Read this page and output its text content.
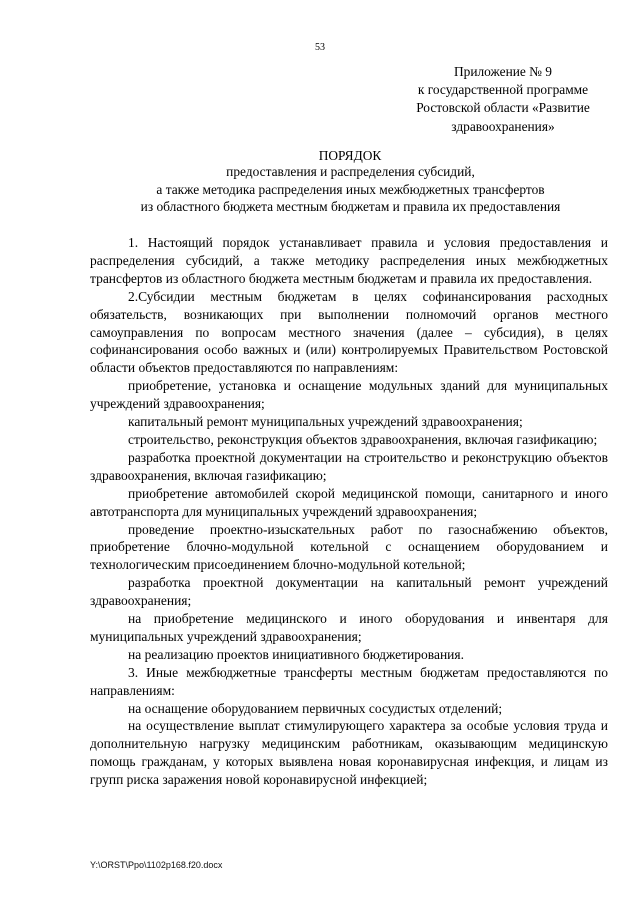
53
Приложение № 9
к государственной программе
Ростовской области «Развитие
здравоохранения»
ПОРЯДОК
предоставления и распределения субсидий,
а также методика распределения иных межбюджетных трансфертов
из областного бюджета местным бюджетам и правила их предоставления

1. Настоящий порядок устанавливает правила и условия предоставления и распределения субсидий, а также методику распределения иных межбюджетных трансфертов из областного бюджета местным бюджетам и правила их предоставления.

2.Субсидии местным бюджетам в целях софинансирования расходных обязательств, возникающих при выполнении полномочий органов местного самоуправления по вопросам местного значения (далее – субсидия), в целях софинансирования особо важных и (или) контролируемых Правительством Ростовской области объектов предоставляются по направлениям:

приобретение, установка и оснащение модульных зданий для муниципальных учреждений здравоохранения;

капитальный ремонт муниципальных учреждений здравоохранения;

строительство, реконструкция объектов здравоохранения, включая газификацию;

разработка проектной документации на строительство и реконструкцию объектов здравоохранения, включая газификацию;

приобретение автомобилей скорой медицинской помощи, санитарного и иного автотранспорта для муниципальных учреждений здравоохранения;

проведение проектно-изыскательных работ по газоснабжению объектов, приобретение блочно-модульной котельной с оснащением оборудованием и технологическим присоединением блочно-модульной котельной;

разработка проектной документации на капитальный ремонт учреждений здравоохранения;

на приобретение медицинского и иного оборудования и инвентаря для муниципальных учреждений здравоохранения;

на реализацию проектов инициативного бюджетирования.

3. Иные межбюджетные трансферты местным бюджетам предоставляются по направлениям:

на оснащение оборудованием первичных сосудистых отделений;

на осуществление выплат стимулирующего характера за особые условия труда и дополнительную нагрузку медицинским работникам, оказывающим медицинскую помощь гражданам, у которых выявлена новая коронавирусная инфекция, и лицам из групп риска заражения новой коронавирусной инфекцией;

Y:\ORST\Ppo\1102p168.f20.docx
